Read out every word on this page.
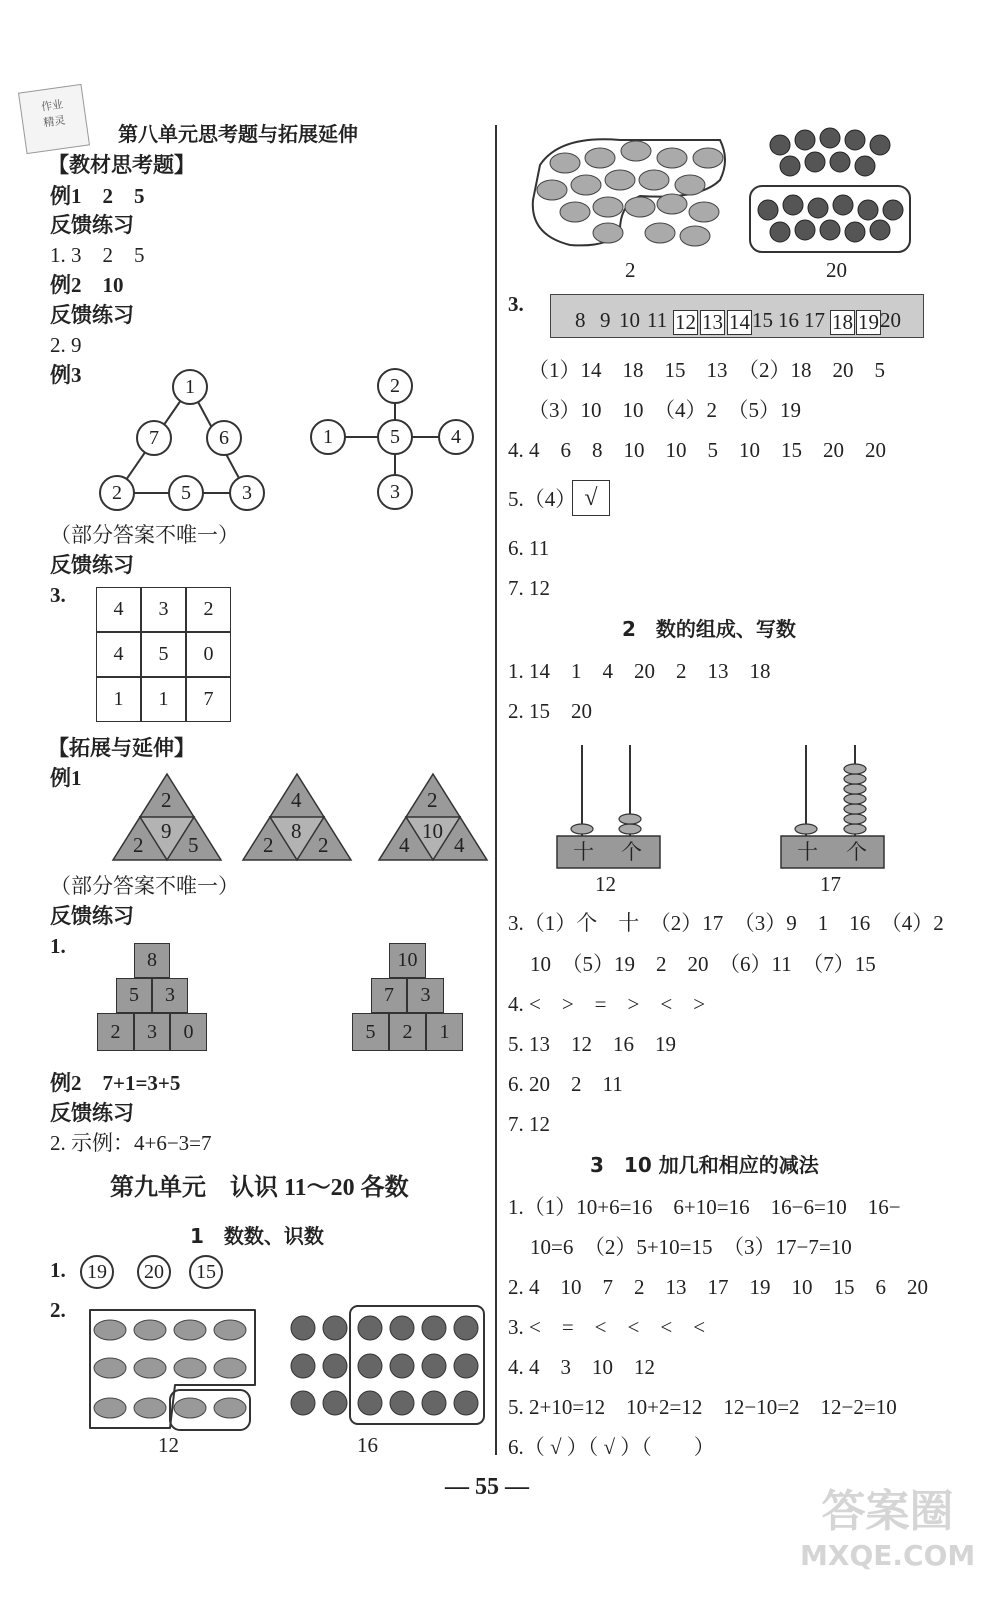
作业
精灵
第八单元思考题与拓展延伸
【教材思考题】
例1　2　5
反馈练习
1. 3　2　5
例2　10
反馈练习
2. 9
例3	1
7	6
2	5	3
2
1	5	4
3
（部分答案不唯一）
反馈练习
3.
4	3	2
4	5	0
1	1	7
【拓展与延伸】
例1
2
9
2 5
4
8
2 2
2
10
4 4
（部分答案不唯一）
反馈练习
1.
8
5	3
2	3	0
10
7	3
5	2	1
例2　7+1=3+5
反馈练习
2. 示例：4+6−3=7
第九单元　认识 11～20 各数
1　数数、识数
1.	19	20	15
2.
12	16
2	20
3.
8 9 10 11 12 13 14 15 16 17 18 19 20
（1）14　18　15　13　（2）18　20　5
（3）10　10　（4）2　（5）19
4. 4　6　8　10　10　5　10　15　20　20
5.（4） √
6. 11
7. 12
2　数的组成、写数
1. 14　1　4　20　2　13　18
2. 15　20
十 个	十 个
12	17
3.（1）个　十　（2）17　（3）9　1　16　（4）2
10　（5）19　2　20　（6）11　（7）15
4. <　>　=　>　<　>
5. 13　12　16　19
6. 20　2　11
7. 12
3　10 加几和相应的减法
1.（1）10+6=16　6+10=16　16−6=10　16−
10=6　（2）5+10=15　（3）17−7=10
2. 4　10　7　2　13　17　19　10　15　6　20
3. <　=　<　<　<　<
4. 4　3　10　12
5. 2+10=12　10+2=12　12−10=2　12−2=10
6.（ √ ）（ √ ）（　　）
— 55 —	答案圈
MXQE.COM
